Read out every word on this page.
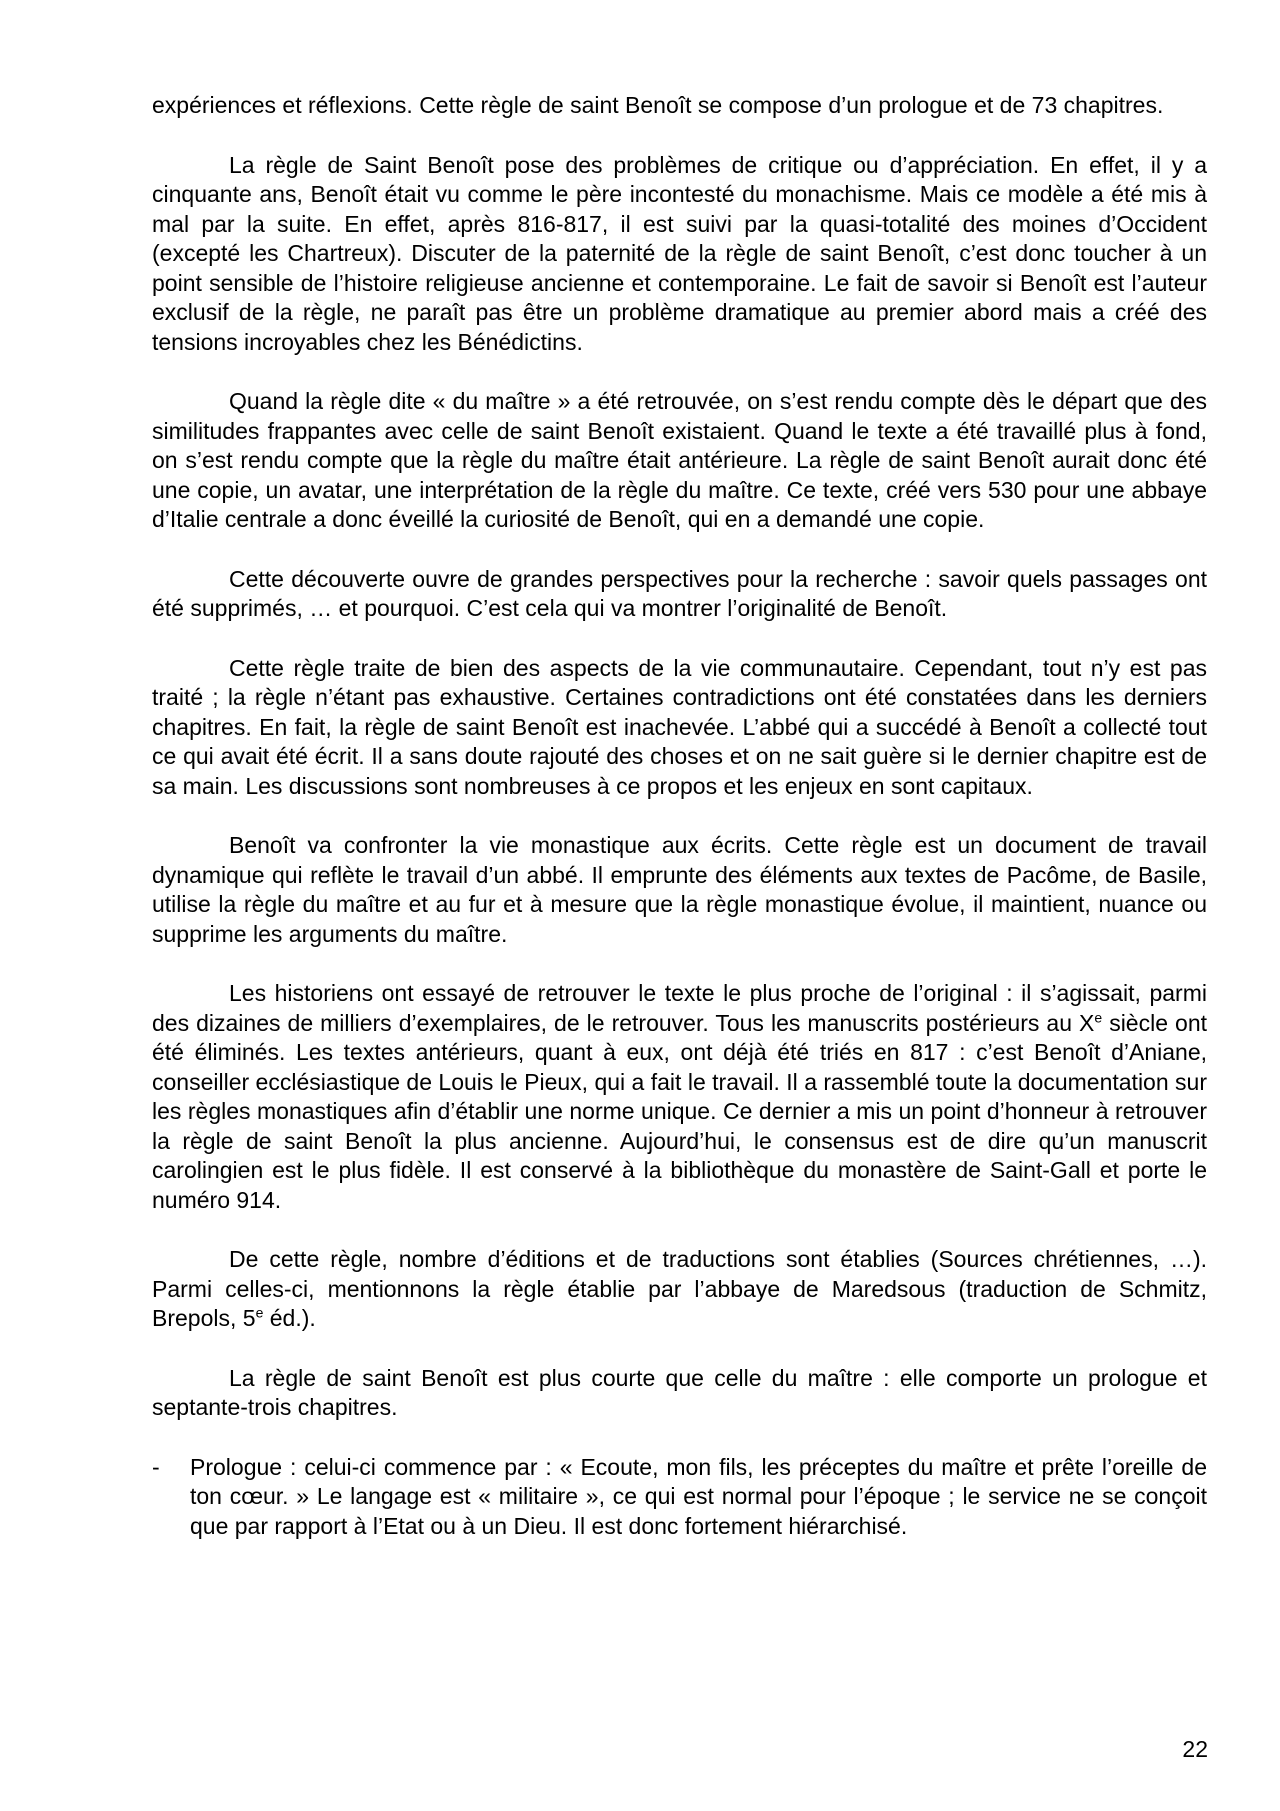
expériences et réflexions. Cette règle de saint Benoît se compose d’un prologue et de 73 chapitres.

La règle de Saint Benoît pose des problèmes de critique ou d’appréciation. En effet, il y a cinquante ans, Benoît était vu comme le père incontesté du monachisme. Mais ce modèle a été mis à mal par la suite. En effet, après 816-817, il est suivi par la quasi-totalité des moines d’Occident (excepté les Chartreux). Discuter de la paternité de la règle de saint Benoît, c’est donc toucher à un point sensible de l’histoire religieuse ancienne et contemporaine. Le fait de savoir si Benoît est l’auteur exclusif de la règle, ne paraît pas être un problème dramatique au premier abord mais a créé des tensions incroyables chez les Bénédictins.

Quand la règle dite « du maître » a été retrouvée, on s’est rendu compte dès le départ que des similitudes frappantes avec celle de saint Benoît existaient. Quand le texte a été travaillé plus à fond, on s’est rendu compte que la règle du maître était antérieure. La règle de saint Benoît aurait donc été une copie, un avatar, une interprétation de la règle du maître. Ce texte, créé vers 530 pour une abbaye d’Italie centrale a donc éveillé la curiosité de Benoît, qui en a demandé une copie.

Cette découverte ouvre de grandes perspectives pour la recherche : savoir quels passages ont été supprimés, … et pourquoi. C’est cela qui va montrer l’originalité de Benoît.

Cette règle traite de bien des aspects de la vie communautaire. Cependant, tout n’y est pas traité ; la règle n’étant pas exhaustive. Certaines contradictions ont été constatées dans les derniers chapitres. En fait, la règle de saint Benoît est inachevée. L’abbé qui a succédé à Benoît a collecté tout ce qui avait été écrit. Il a sans doute rajouté des choses et on ne sait guère si le dernier chapitre est de sa main. Les discussions sont nombreuses à ce propos et les enjeux en sont capitaux.

Benoît va confronter la vie monastique aux écrits. Cette règle est un document de travail dynamique qui reflète le travail d’un abbé. Il emprunte des éléments aux textes de Pacôme, de Basile, utilise la règle du maître et au fur et à mesure que la règle monastique évolue, il maintient, nuance ou supprime les arguments du maître.

Les historiens ont essayé de retrouver le texte le plus proche de l’original : il s’agissait, parmi des dizaines de milliers d’exemplaires, de le retrouver. Tous les manuscrits postérieurs au Xe siècle ont été éliminés. Les textes antérieurs, quant à eux, ont déjà été triés en 817 : c’est Benoît d’Aniane, conseiller ecclésiastique de Louis le Pieux, qui a fait le travail. Il a rassemblé toute la documentation sur les règles monastiques afin d’établir une norme unique. Ce dernier a mis un point d’honneur à retrouver la règle de saint Benoît la plus ancienne. Aujourd’hui, le consensus est de dire qu’un manuscrit carolingien est le plus fidèle. Il est conservé à la bibliothèque du monastère de Saint-Gall et porte le numéro 914.

De cette règle, nombre d’éditions et de traductions sont établies (Sources chrétiennes, …). Parmi celles-ci, mentionnons la règle établie par l’abbaye de Maredsous (traduction de Schmitz, Brepols, 5e éd.).

La règle de saint Benoît est plus courte que celle du maître : elle comporte un prologue et septante-trois chapitres.

- Prologue : celui-ci commence par : « Ecoute, mon fils, les préceptes du maître et prête l’oreille de ton cœur. » Le langage est « militaire », ce qui est normal pour l’époque ; le service ne se conçoit que par rapport à l’Etat ou à un Dieu. Il est donc fortement hiérarchisé.

22
